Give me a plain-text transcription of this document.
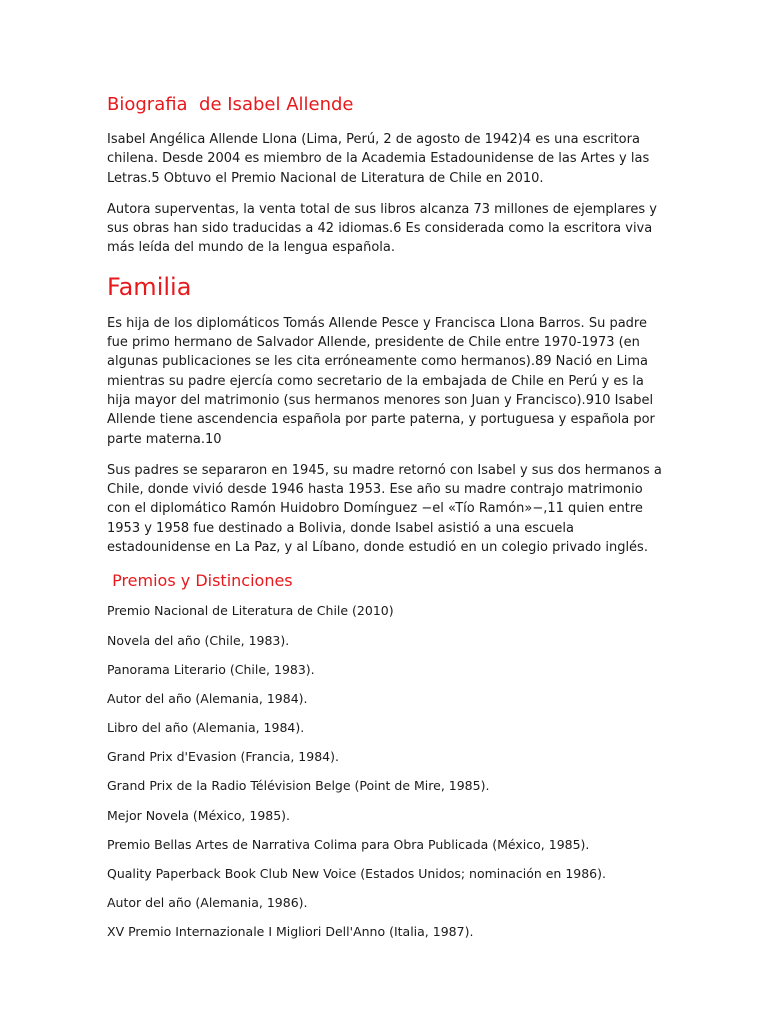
Biografia  de Isabel Allende

Isabel Angélica Allende Llona (Lima, Perú, 2 de agosto de 1942)4 es una escritora chilena. Desde 2004 es miembro de la Academia Estadounidense de las Artes y las Letras.5 Obtuvo el Premio Nacional de Literatura de Chile en 2010.

Autora superventas, la venta total de sus libros alcanza 73 millones de ejemplares y sus obras han sido traducidas a 42 idiomas.6 Es considerada como la escritora viva más leída del mundo de la lengua española.

Familia

Es hija de los diplomáticos Tomás Allende Pesce y Francisca Llona Barros. Su padre fue primo hermano de Salvador Allende, presidente de Chile entre 1970-1973 (en algunas publicaciones se les cita erróneamente como hermanos).89 Nació en Lima mientras su padre ejercía como secretario de la embajada de Chile en Perú y es la hija mayor del matrimonio (sus hermanos menores son Juan y Francisco).910 Isabel Allende tiene ascendencia española por parte paterna, y portuguesa y española por parte materna.10

Sus padres se separaron en 1945, su madre retornó con Isabel y sus dos hermanos a Chile, donde vivió desde 1946 hasta 1953. Ese año su madre contrajo matrimonio con el diplomático Ramón Huidobro Domínguez −el «Tío Ramón»−,11 quien entre 1953 y 1958 fue destinado a Bolivia, donde Isabel asistió a una escuela estadounidense en La Paz, y al Líbano, donde estudió en un colegio privado inglés.

Premios y Distinciones
Premio Nacional de Literatura de Chile (2010)
Novela del año (Chile, 1983).
Panorama Literario (Chile, 1983).
Autor del año (Alemania, 1984).
Libro del año (Alemania, 1984).
Grand Prix d'Evasion (Francia, 1984).
Grand Prix de la Radio Télévision Belge (Point de Mire, 1985).
Mejor Novela (México, 1985).
Premio Bellas Artes de Narrativa Colima para Obra Publicada (México, 1985).
Quality Paperback Book Club New Voice (Estados Unidos; nominación en 1986).
Autor del año (Alemania, 1986).
XV Premio Internazionale I Migliori Dell'Anno (Italia, 1987).
